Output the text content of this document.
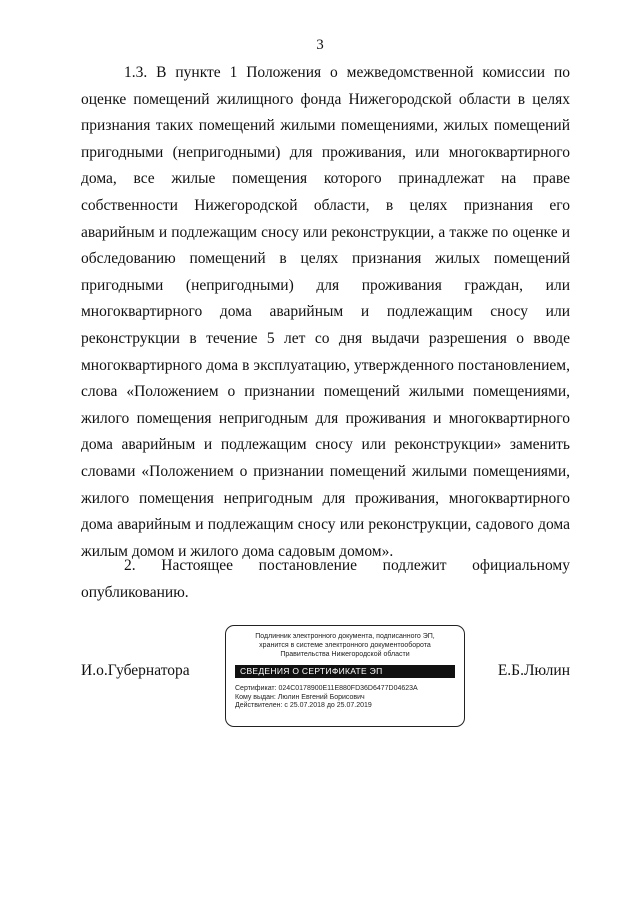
3

1.3. В пункте 1 Положения о межведомственной комиссии по оценке помещений жилищного фонда Нижегородской области в целях признания таких помещений жилыми помещениями, жилых помещений пригодными (непригодными) для проживания, или многоквартирного дома, все жилые помещения которого принадлежат на праве собственности Нижегородской области, в целях признания его аварийным и подлежащим сносу или реконструкции, а также по оценке и обследованию помещений в целях признания жилых помещений пригодными (непригодными) для проживания граждан, или многоквартирного дома аварийным и подлежащим сносу или реконструкции в течение 5 лет со дня выдачи разрешения о вводе многоквартирного дома в эксплуатацию, утвержденного постановлением, слова «Положением о признании помещений жилыми помещениями, жилого помещения непригодным для проживания и многоквартирного дома аварийным и подлежащим сносу или реконструкции» заменить словами «Положением о признании помещений жилыми помещениями, жилого помещения непригодным для проживания, многоквартирного дома аварийным и подлежащим сносу или реконструкции, садового дома жилым домом и жилого дома садовым домом».

2. Настоящее постановление подлежит официальному опубликованию.

И.о.Губернатора
Подлинник электронного документа, подписанного ЭП,
хранится в системе электронного документооборота
Правительства Нижегородской области
СВЕДЕНИЯ О СЕРТИФИКАТЕ ЭП
Сертификат: 024C0178900E11E880FD36D6477D04623A
Кому выдан: Люлин Евгений Борисович
Действителен: с 25.07.2018 до 25.07.2019
Е.Б.Люлин
